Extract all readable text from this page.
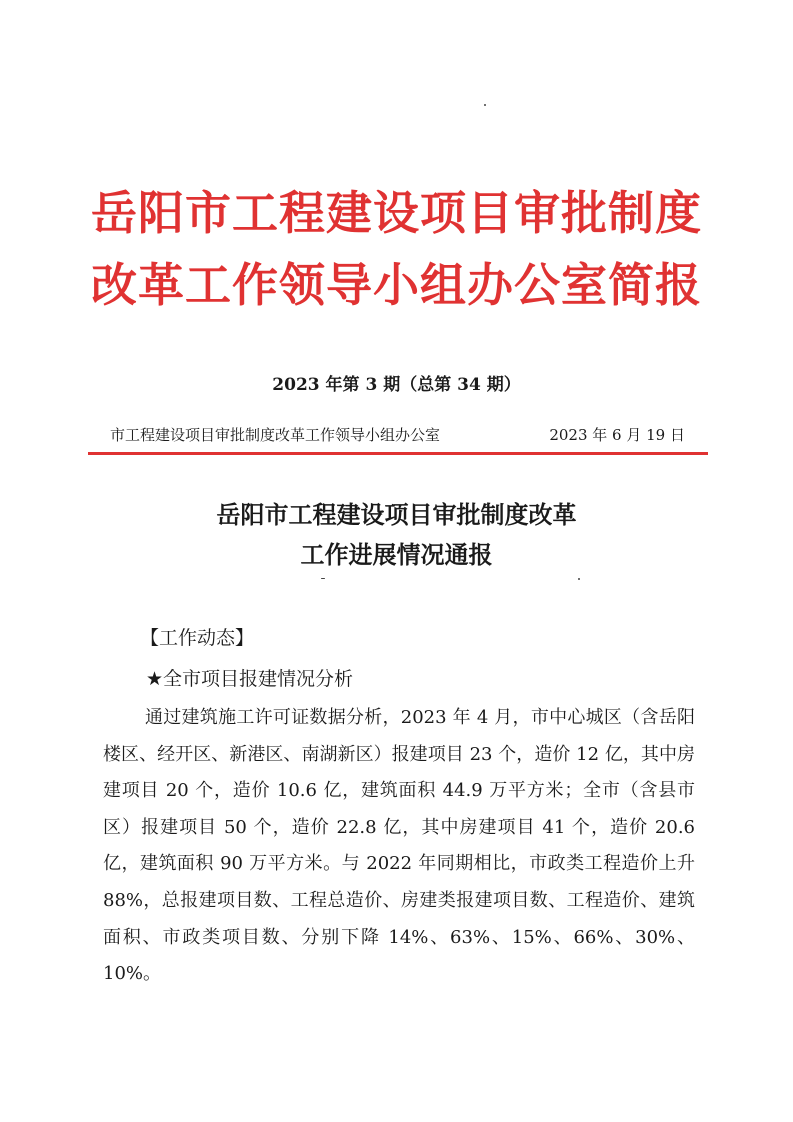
岳阳市工程建设项目审批制度
改革工作领导小组办公室简报
2023 年第 3 期（总第 34 期）
市工程建设项目审批制度改革工作领导小组办公室	2023 年 6 月 19 日
岳阳市工程建设项目审批制度改革
工作进展情况通报
【工作动态】
★全市项目报建情况分析

通过建筑施工许可证数据分析，2023 年 4 月，市中心城区（含岳阳楼区、经开区、新港区、南湖新区）报建项目 23 个，造价 12 亿，其中房建项目 20 个，造价 10.6 亿，建筑面积 44.9 万平方米；全市（含县市区）报建项目 50 个，造价 22.8 亿，其中房建项目 41 个，造价 20.6 亿，建筑面积 90 万平方米。与 2022 年同期相比，市政类工程造价上升 88%，总报建项目数、工程总造价、房建类报建项目数、工程造价、建筑面积、市政类项目数、分别下降 14%、63%、15%、66%、30%、10%。
